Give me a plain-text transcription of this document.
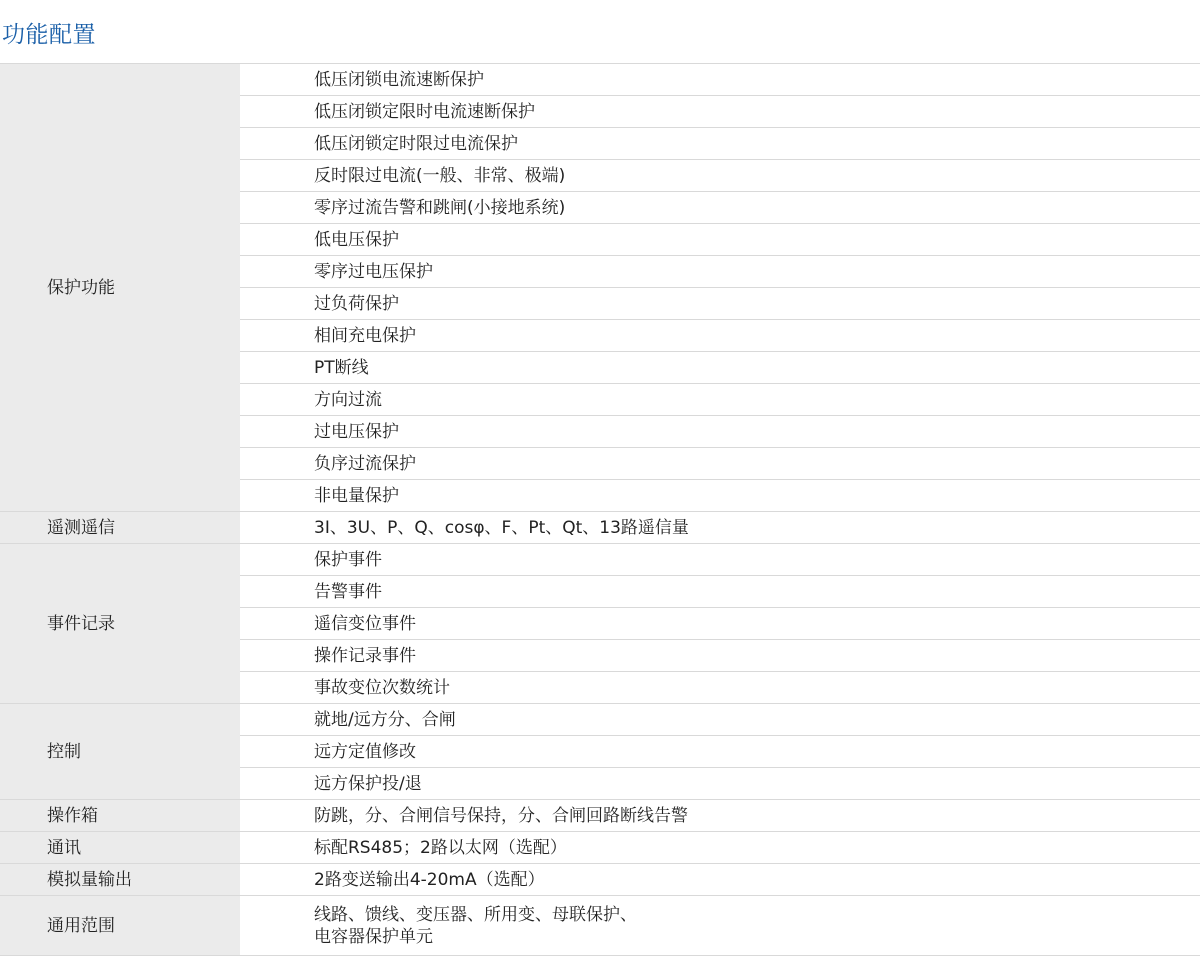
功能配置
保护功能	低压闭锁电流速断保护
	低压闭锁定限时电流速断保护
	低压闭锁定时限过电流保护
	反时限过电流(一般、非常、极端)
	零序过流告警和跳闸(小接地系统)
	低电压保护
	零序过电压保护
	过负荷保护
	相间充电保护
	PT断线
	方向过流
	过电压保护
	负序过流保护
	非电量保护
遥测遥信	3I、3U、P、Q、cosφ、F、Pt、Qt、13路遥信量
事件记录	保护事件
	告警事件
	遥信变位事件
	操作记录事件
	事故变位次数统计
控制	就地/远方分、合闸
	远方定值修改
	远方保护投/退
操作箱	防跳，分、合闸信号保持，分、合闸回路断线告警
通讯	标配RS485；2路以太网（选配）
模拟量输出	2路变送输出4-20mA（选配）
通用范围	线路、馈线、变压器、所用变、母联保护、
电容器保护单元
